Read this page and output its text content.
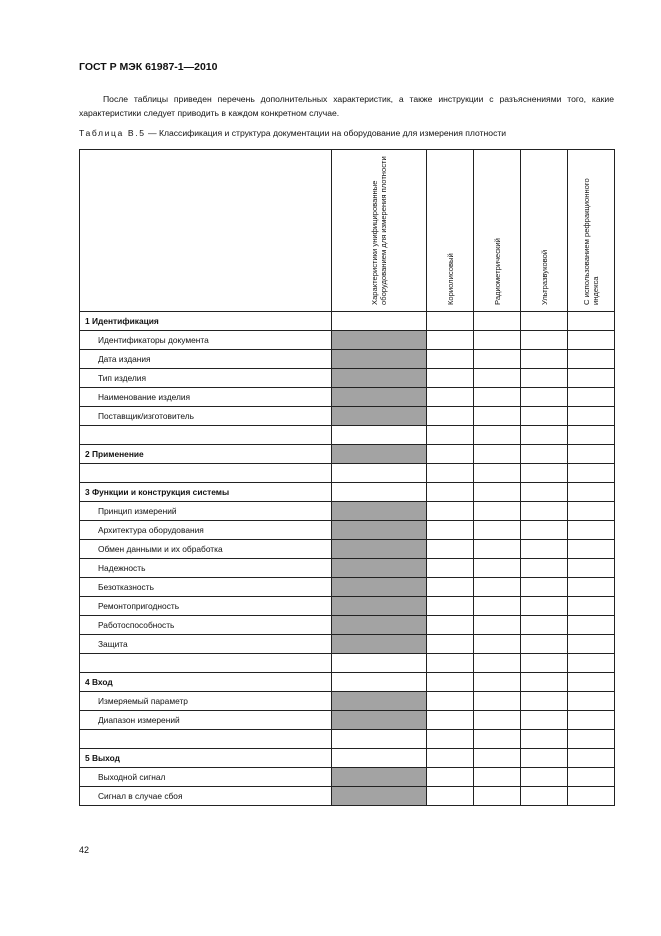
ГОСТ Р МЭК 61987-1—2010
После таблицы приведен перечень дополнительных характеристик, а также инструкции с разъяснениями того, какие характеристики следует приводить в каждом конкретном случае.
Таблица В.5 — Классификация и структура документации на оборудование для измерения плотности

	Характеристики унифицированные оборудованием для измерения плотности	Кориолисовый	Радиометрический	Ультразвуковой	С использованием рефракционного индекса

1 Идентификация					
Идентификаторы документа					
Дата издания					
Тип изделия					
Наименование изделия					
Поставщик/изготовитель					

2 Применение					

3 Функции и конструкция системы					
Принцип измерений					
Архитектура оборудования					
Обмен данными и их обработка					
Надежность					
Безотказность					
Ремонтопригодность					
Работоспособность					
Защита					

4 Вход					
Измеряемый параметр					
Диапазон измерений					

5 Выход					
Выходной сигнал					
Сигнал в случае сбоя					
42
